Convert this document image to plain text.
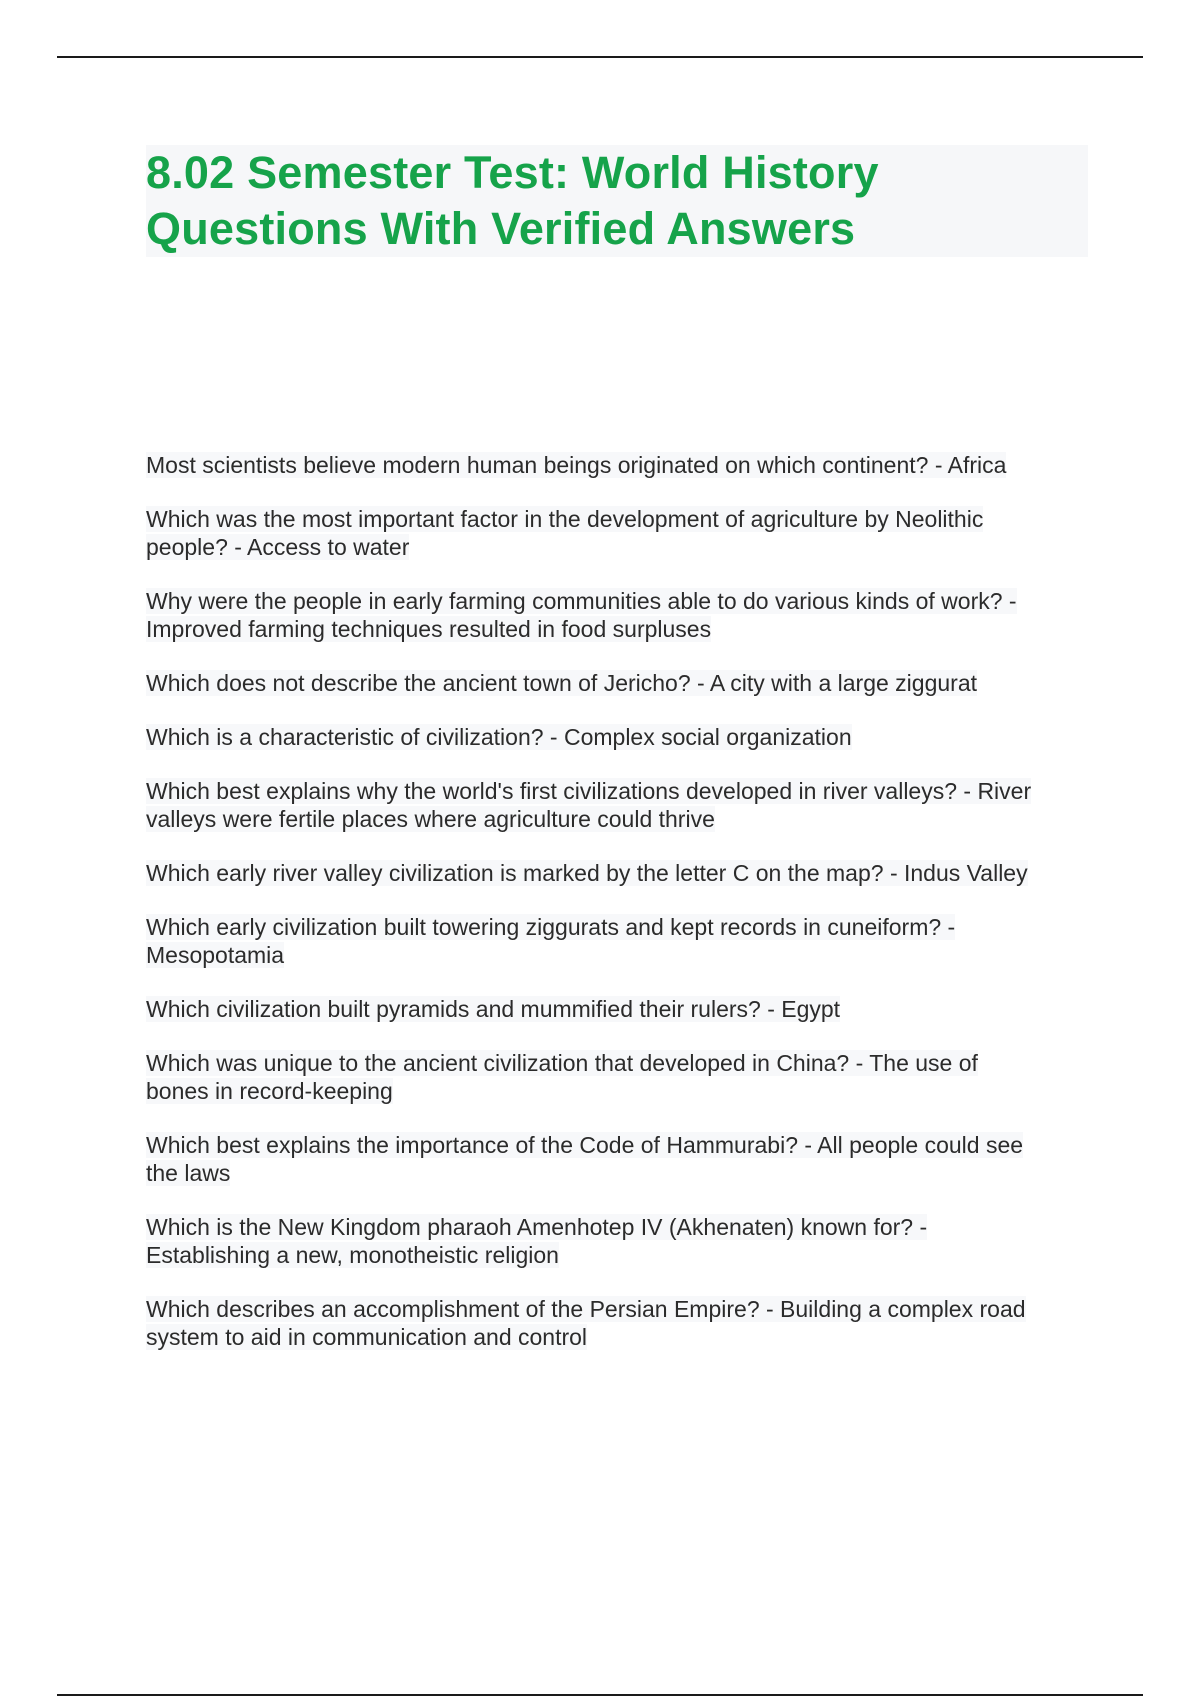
8.02 Semester Test: World History
Questions With Verified Answers
Most scientists believe modern human beings originated on which continent? - Africa
Which was the most important factor in the development of agriculture by Neolithic
people? - Access to water
Why were the people in early farming communities able to do various kinds of work? -
Improved farming techniques resulted in food surpluses
Which does not describe the ancient town of Jericho? - A city with a large ziggurat
Which is a characteristic of civilization? - Complex social organization
Which best explains why the world's first civilizations developed in river valleys? - River
valleys were fertile places where agriculture could thrive
Which early river valley civilization is marked by the letter C on the map? - Indus Valley
Which early civilization built towering ziggurats and kept records in cuneiform? -
Mesopotamia
Which civilization built pyramids and mummified their rulers? - Egypt
Which was unique to the ancient civilization that developed in China? - The use of
bones in record-keeping
Which best explains the importance of the Code of Hammurabi? - All people could see
the laws
Which is the New Kingdom pharaoh Amenhotep IV (Akhenaten) known for? -
Establishing a new, monotheistic religion
Which describes an accomplishment of the Persian Empire? - Building a complex road
system to aid in communication and control
